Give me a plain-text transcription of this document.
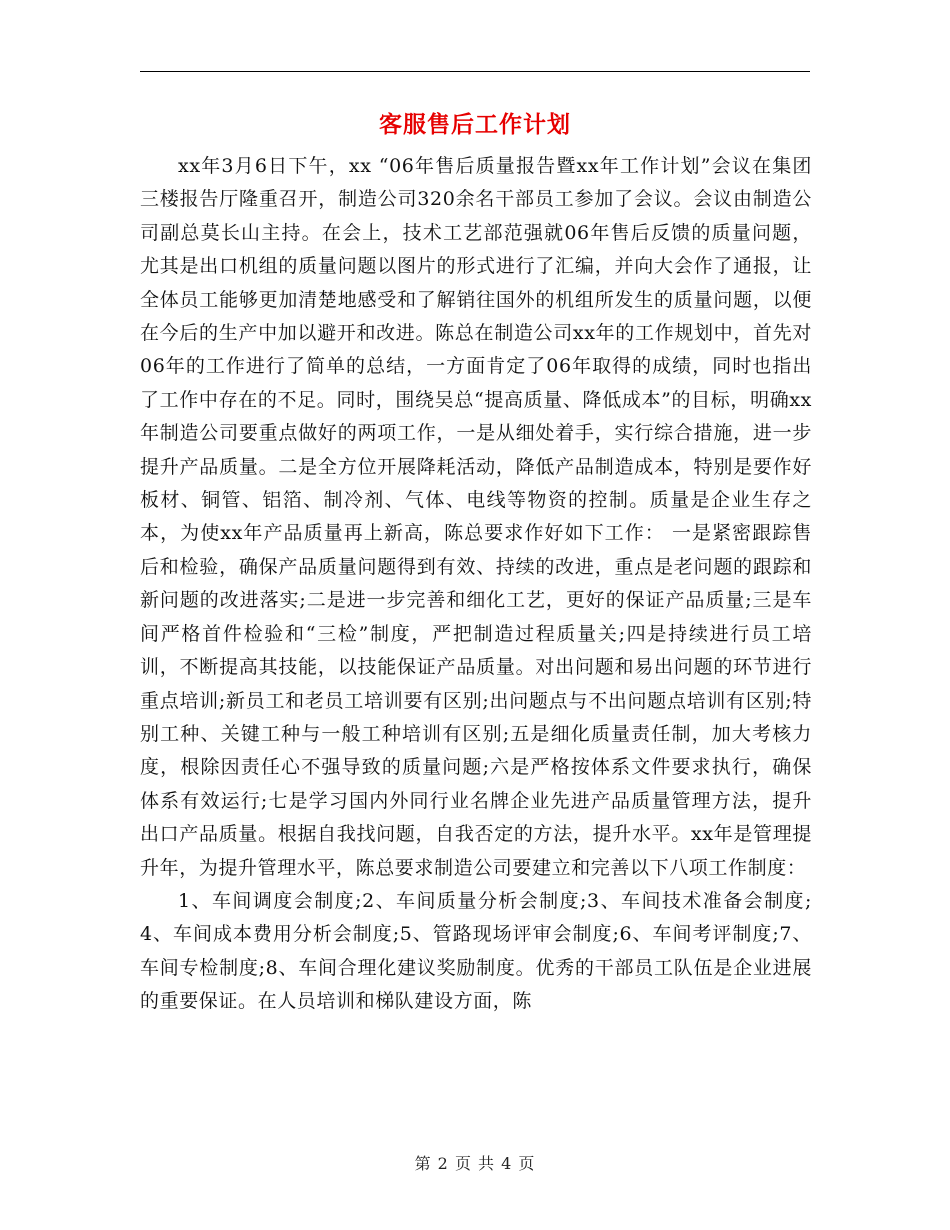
客服售后工作计划

xx年3月6日下午，xx “06年售后质量报告暨xx年工作计划”会议在集团三楼报告厅隆重召开，制造公司320余名干部员工参加了会议。会议由制造公司副总莫长山主持。在会上，技术工艺部范强就06年售后反馈的质量问题，尤其是出口机组的质量问题以图片的形式进行了汇编，并向大会作了通报，让全体员工能够更加清楚地感受和了解销往国外的机组所发生的质量问题，以便在今后的生产中加以避开和改进。陈总在制造公司xx年的工作规划中，首先对06年的工作进行了简单的总结，一方面肯定了06年取得的成绩，同时也指出了工作中存在的不足。同时，围绕吴总“提高质量、降低成本”的目标，明确xx年制造公司要重点做好的两项工作，一是从细处着手，实行综合措施，进一步提升产品质量。二是全方位开展降耗活动，降低产品制造成本，特别是要作好板材、铜管、铝箔、制冷剂、气体、电线等物资的控制。质量是企业生存之本，为使xx年产品质量再上新高，陈总要求作好如下工作： 一是紧密跟踪售后和检验，确保产品质量问题得到有效、持续的改进，重点是老问题的跟踪和新问题的改进落实;二是进一步完善和细化工艺，更好的保证产品质量;三是车间严格首件检验和“三检”制度，严把制造过程质量关;四是持续进行员工培训，不断提高其技能，以技能保证产品质量。对出问题和易出问题的环节进行重点培训;新员工和老员工培训要有区别;出问题点与不出问题点培训有区别;特别工种、关键工种与一般工种培训有区别;五是细化质量责任制，加大考核力度，根除因责任心不强导致的质量问题;六是严格按体系文件要求执行，确保体系有效运行;七是学习国内外同行业名牌企业先进产品质量管理方法，提升出口产品质量。根据自我找问题，自我否定的方法，提升水平。xx年是管理提升年，为提升管理水平，陈总要求制造公司要建立和完善以下八项工作制度：

1、车间调度会制度;2、车间质量分析会制度;3、车间技术准备会制度;4、车间成本费用分析会制度;5、管路现场评审会制度;6、车间考评制度;7、车间专检制度;8、车间合理化建议奖励制度。优秀的干部员工队伍是企业进展的重要保证。在人员培训和梯队建设方面，陈

第 2 页 共 4 页
